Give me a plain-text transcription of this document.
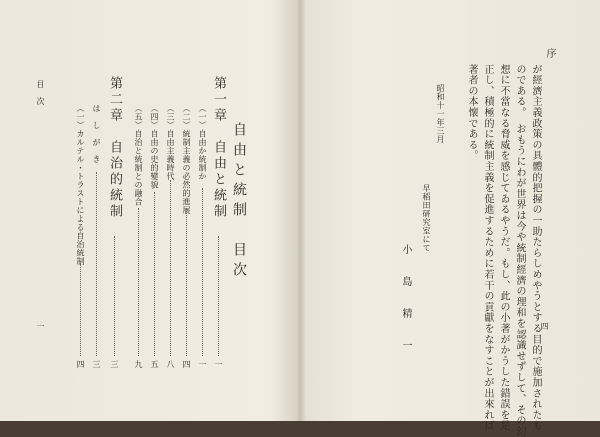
自由と統制　目次
第一章　自由と統制
一
（一）自由か統制か
一
（二）統制主義の必然的進展
四
（三）自由主義時代
八
（四）自由の史的變貌
五
（五）自治と統制との融合
九
第二章　自治的統制
三
は　し　が　き
三
（一）カルテル・トラストによる自治統制
四
目　次
一
序
が經濟主義政策の具體的把握の一助たらしめやうとする目的で施加されたも
のである。　おもうにわが世界は今や統制經濟の理和を認識せずして、その幻
想に不當なる脅威を感じてゐるやうだ。もし、此の小著がかうした錯誤を是
正し、積極的に統制主義を促進するために若干の貢獻をなすことが出來れば
著者の本懐である。
昭和十一年三月
早稻田研究室にて
小　島　精　一	四
